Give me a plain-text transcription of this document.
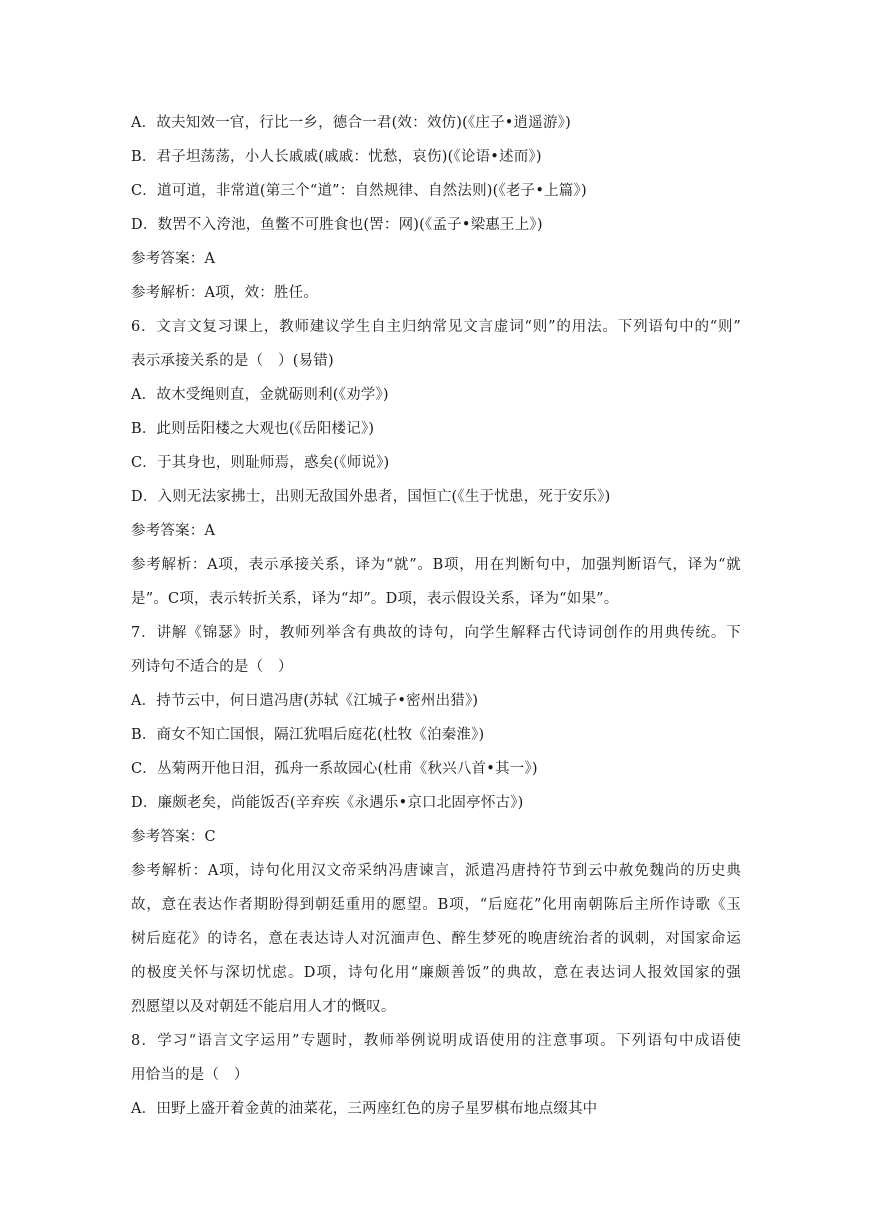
A．故夫知效一官，行比一乡，德合一君(效：效仿)(《庄子•逍遥游》)
B．君子坦荡荡，小人长戚戚(戚戚：忧愁，哀伤)(《论语•述而》)
C．道可道，非常道(第三个“道”：自然规律、自然法则)(《老子•上篇》)
D．数罟不入洿池，鱼鳖不可胜食也(罟：网)(《孟子•梁惠王上》)
参考答案：A
参考解析：A项，效：胜任。
6．文言文复习课上，教师建议学生自主归纳常见文言虚词“则”的用法。下列语句中的“则”
表示承接关系的是（　）(易错)
A．故木受绳则直，金就砺则利(《劝学》)
B．此则岳阳楼之大观也(《岳阳楼记》)
C．于其身也，则耻师焉，惑矣(《师说》)
D．入则无法家拂士，出则无敌国外患者，国恒亡(《生于忧患，死于安乐》)
参考答案：A
参考解析：A项，表示承接关系，译为“就”。B项，用在判断句中，加强判断语气，译为“就
是”。C项，表示转折关系，译为“却”。D项，表示假设关系，译为“如果”。
7．讲解《锦瑟》时，教师列举含有典故的诗句，向学生解释古代诗词创作的用典传统。下
列诗句不适合的是（　）
A．持节云中，何日遣冯唐(苏轼《江城子•密州出猎》)
B．商女不知亡国恨，隔江犹唱后庭花(杜牧《泊秦淮》)
C．丛菊两开他日泪，孤舟一系故园心(杜甫《秋兴八首•其一》)
D．廉颇老矣，尚能饭否(辛弃疾《永遇乐•京口北固亭怀古》)
参考答案：C
参考解析：A项，诗句化用汉文帝采纳冯唐谏言，派遣冯唐持符节到云中赦免魏尚的历史典
故，意在表达作者期盼得到朝廷重用的愿望。B项，“后庭花”化用南朝陈后主所作诗歌《玉
树后庭花》的诗名，意在表达诗人对沉湎声色、醉生梦死的晚唐统治者的讽刺，对国家命运
的极度关怀与深切忧虑。D项，诗句化用“廉颇善饭”的典故，意在表达词人报效国家的强
烈愿望以及对朝廷不能启用人才的慨叹。
8．学习“语言文字运用”专题时，教师举例说明成语使用的注意事项。下列语句中成语使
用恰当的是（　）
A．田野上盛开着金黄的油菜花，三两座红色的房子星罗棋布地点缀其中
